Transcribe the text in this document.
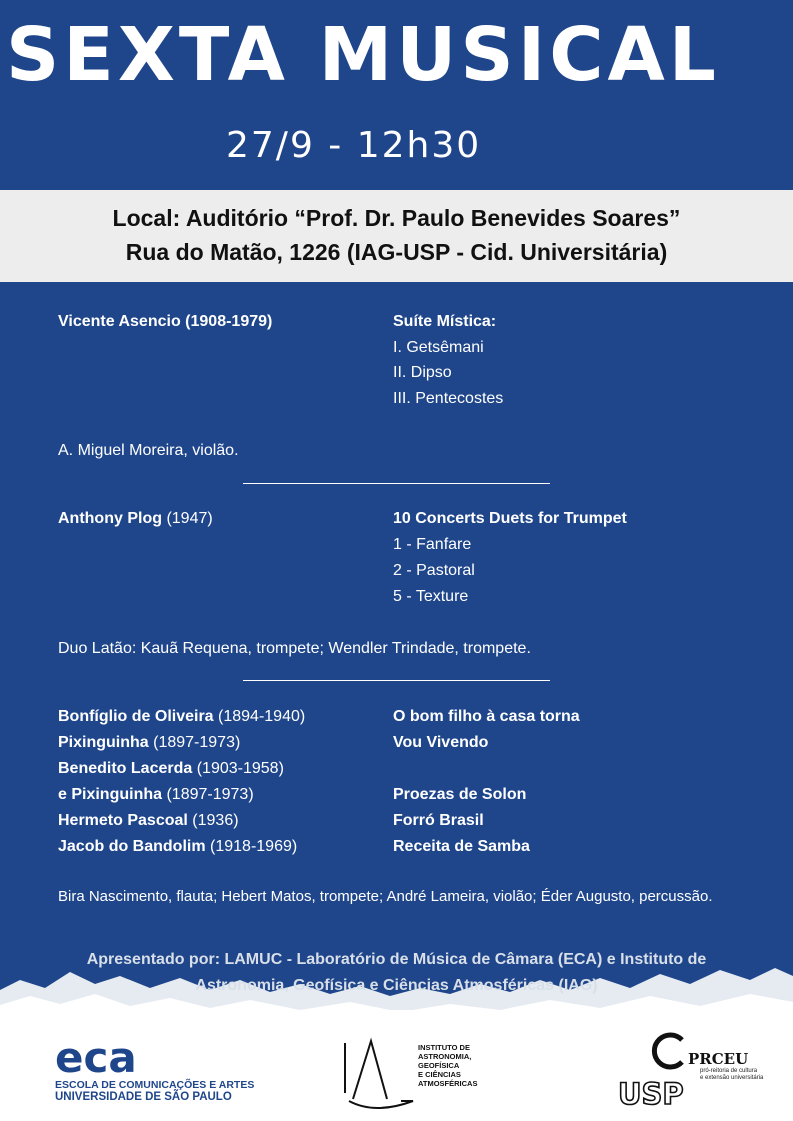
SEXTA MUSICAL
27/9 - 12h30
Local: Auditório “Prof. Dr. Paulo Benevides Soares”
Rua do Matão, 1226 (IAG-USP - Cid. Universitária)
Vicente Asencio (1908-1979)	Suíte Mística:
I. Getsêmani
II. Dipso
III. Pentecostes
A. Miguel Moreira, violão.
Anthony Plog (1947)	10 Concerts Duets for Trumpet
1 - Fanfare
2 - Pastoral
5 - Texture
Duo Latão: Kauã Requena, trompete; Wendler Trindade, trompete.
Bonfíglio de Oliveira (1894-1940)
Pixinguinha (1897-1973)
Benedito Lacerda (1903-1958)
e Pixinguinha (1897-1973)
Hermeto Pascoal (1936)
Jacob do Bandolim (1918-1969)
O bom filho à casa torna
Vou Vivendo
Proezas de Solon
Forró Brasil
Receita de Samba
Bira Nascimento, flauta; Hebert Matos, trompete; André Lameira, violão; Éder Augusto, percussão.
Apresentado por: LAMUC - Laboratório de Música de Câmara (ECA) e Instituto de
Astronomia, Geofísica e Ciências Atmosféricas (IAG)
eca
ESCOLA DE COMUNICAÇÕES E ARTES
UNIVERSIDADE DE SÃO PAULO
INSTITUTO DE
ASTRONOMIA,
GEOFÍSICA
E CIÊNCIAS
ATMOSFÉRICAS
PRCEU
pró-reitoria de cultura
e extensão universitária
USP
